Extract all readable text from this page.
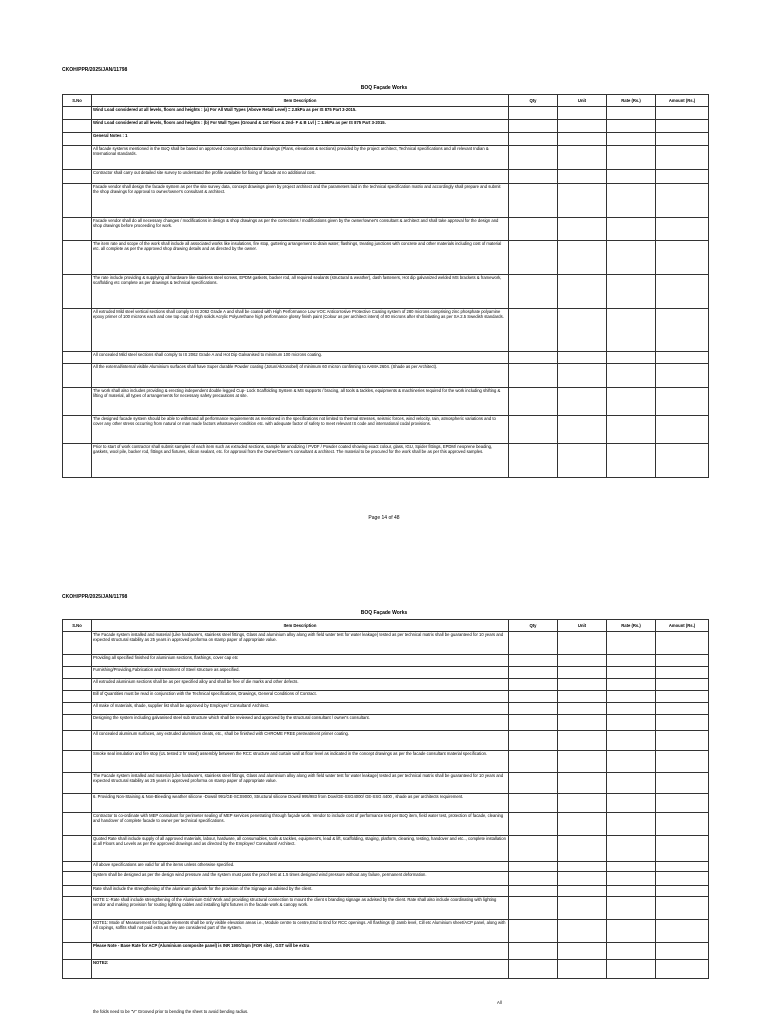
CKOH/PPR/2025/JAN/11798
BOQ Façade Works
S.No	Item Description	Qty	Unit	Rate (Rs.)	Amount (Rs.)
	Wind Load considered at all levels, floors and heights : (a) For All Wall Types (Above Retail Level) = 2.8kPa as per IS 875 Part 3-2015.				
	Wind Load considered at all levels, floors and heights : (b) For Wall Types (Ground & 1st Floor & 2nd- F & B Lvl ) = 1.9kPa as per IS 875 Part 3-2015.				
	General Notes : 1				
	All facade systems mentioned in the BoQ shall be based on approved concept architectural drawings (Plans, elevations & sections) provided by the project architect, Technical specifications and all relevant Indian & International standards.				
	Contractor shall carry out detailed site survey to understand the profile available for fixing of facade at no additional cost.				
	Facade vendor shall design the facade system as per the site survey data, concept drawings given by project architect and the parameters laid in the technical specification matrix and accordingly shall prepare and submit the shop drawings for approval to owner/owner's consultant & architect.				
	Facade vendor shall do all necessary changes / modifications in design & shop drawings as per the corrections / modifications given by the owner/owner's consultant & architect and shall take approval for the design and shop drawings before proceeding for work.				
	The item rate and scope of the work shall include all associated works like insulations, fire stop, guttering arrangement to drain water; flashings, treating junctions with concrete and other materials including cost of material etc. all complete as per the approved shop drawing details and as directed by the owner.				
	The rate include providing & supplying all hardware like stainless steel screws, EPDM gaskets, backer rod, all required sealants (structural & weather), dash fasteners, Hot dip galvanized welded MS brackets & framework, scaffolding etc complete as per drawings & technical specifications.				
	All extruded Mild steel vertical sections shall comply to IS 2062 Grade A and shall be coated with High Performance Low VOC Anticorrosive Protective Coating system of 280 microns comprising zinc phosphate polyamine epoxy primer of 100 microns each and one top coat of High solids Acrylic Polyurethane high performance glossy finish paint (Colour as per architect intent) of 80 microns after shot blasting as per SA 2.5 Swedish standards.				
	All concealed Mild steel sections shall comply to IS 2062 Grade A and Hot Dip Galvanised to minimum 100 microns coating.				
	All the external/internal visible Aluminium surfaces shall have Super durable Powder coating (Jotun/Akzonobel) of minimum 60 micron confirming to AAMA 2604. (Shade as per Architect).				
	The work shall also includes providing & erecting independent double legged Cup- Lock Scaffolding System & MS supports / bracing, all tools & tackles, equipments & machineries required for the work including shifting & lifting of material, all types of arrangements for necessary safety precautions at site.				
	The designed facade system should be able to withstand all performance requirements as mentioned in the specifications not limited to thermal stresses, seismic forces, wind velocity, rain, atmospheric variations and to cover any other stress occurring from natural or man made factors whatsoever condition etc. with adequate factor of safety to meet relevant IS code and international codal provisions.				
	Prior to start of work contractor shall submit samples of each item such as extruded sections, sample for anodizing / PVDF / Powder coated showing exact colour, glass, IGU, Spider fittings, EPDM/ neoprene beading, gaskets, wool pile, backer rod, fittings and fixtures, silicon sealant, etc. for approval from the Owner/Owner's consultant & architect. The material to be procured for the work shall be as per this approved samples.				
Page 14 of 48
CKOH/PPR/2025/JAN/11798
BOQ Façade Works
S.No	Item Description	Qty	Unit	Rate (Rs.)	Amount (Rs.)
	The Facade system installed and material (Like hardware's, stainless steel fittings, Glass and aluminium alloy along with field water test for water leakage) tested as per technical matrix shall be guaranteed for 10 years and expected structural stability as 25 years in approved proforma on stamp paper of appropriate value.				
	Providing all specified finished for aluminium sections, flashings, cover cap etc				
	Furnishing/Providing,Fabrication and treatment of Steel structure as aspecified.				
	All extruded aluminium sections shall be as per specified alloy and shall be free of die marks and other defects.				
	Bill of Quantities must be read in conjunction with the Technical specifications, Drawings, General Conditions of Contract.				
	All make of materials, shade, supplier list shall be approved by Employer/ Consultant/ Architect.				
	Designing the system including galvanised steel sub structure which shall be reviewed and approved by the structural consultant / owner's consultant.				
	All concealed aluminum surfaces, any extruded aluminium cleats, etc., shall be finished with CHROME FREE pretreatment primer coating.				
	Smoke seal insulation and fire stop (UL tested 2 hr rated) assembly between the RCC structure and curtain wall at floor level as indicated in the concept drawings as per the facade consultant material specification.				
	The Facade system installed and material (Like hardware's, stainless steel fittings, Glass and aluminium alloy along with field water test for water leakage) tested as per technical matrix shall be guaranteed for 10 years and expected structural stability as 25 years in approved proforma on stamp paper of appropriate value.				
	6. Providing Non-Staining & Non-Bleeding weather silicone -Dowsil 991/GE-SCS9000, Structural silicone Dowsil 995/983 from Dow/GE-SSG4000/ GE-SSG 4400 , shade as per architects requirement.				
	Contractor to co-ordinate with MEP consultant for perimeter sealing of MEP services penetrating through façade work. Vendor to include cost of performance test per BoQ item, field water test, protection of facade, cleaning and handover of complete facade to owner per technical specifications.				
	Quoted Rate shall include supply of all approved materials, labour, hardware, all consumables, tools & tackles, equipment's, lead & lift, scaffolding, staging, platform, cleaning, testing, handover and etc.., complete installation at all Floors and Levels as per the approved drawings and as directed by the Employer/ Consultant/ Architect.				
	All above specifications are valid for all the items unless otherwise specified.				
	System shall be designed as per the design wind pressure and the system must pass the proof test at 1.5 times designed wind pressure without any failure, permanent deformation.				
	Rate shall include the strengthening of the aluminum gridwork for the provision of the Signage as advised by the client.				
	NOTE 1:-Rate shall include strengthening of the Aluminium Grid Work and providing structural connection to mount the client s branding signage as advised by the client. Rate shall also include coordinating with lighting vendor and making provision for routing lighting cables and installing light fixtures in the facade work & canopy work.				
	NOTE1: Mode of Measurement for façade elements shall be only visible elevation areas i.e., Module centre to centre,End to End for RCC openings. All flashings @ Jamb level, Cill etc Aluminium sheet/ACP panel, along with All copings, soffits shall not paid extra as they are considered part of the system.				
	Please Note - Base Rate for ACP (Aluminium composite panel) is INR 1900/Sqm (FOR site) , GST will be extra				
	NOTE2:				
All
the folds need to be "V" Grooved prior to bending the sheet to avoid bending radius.
